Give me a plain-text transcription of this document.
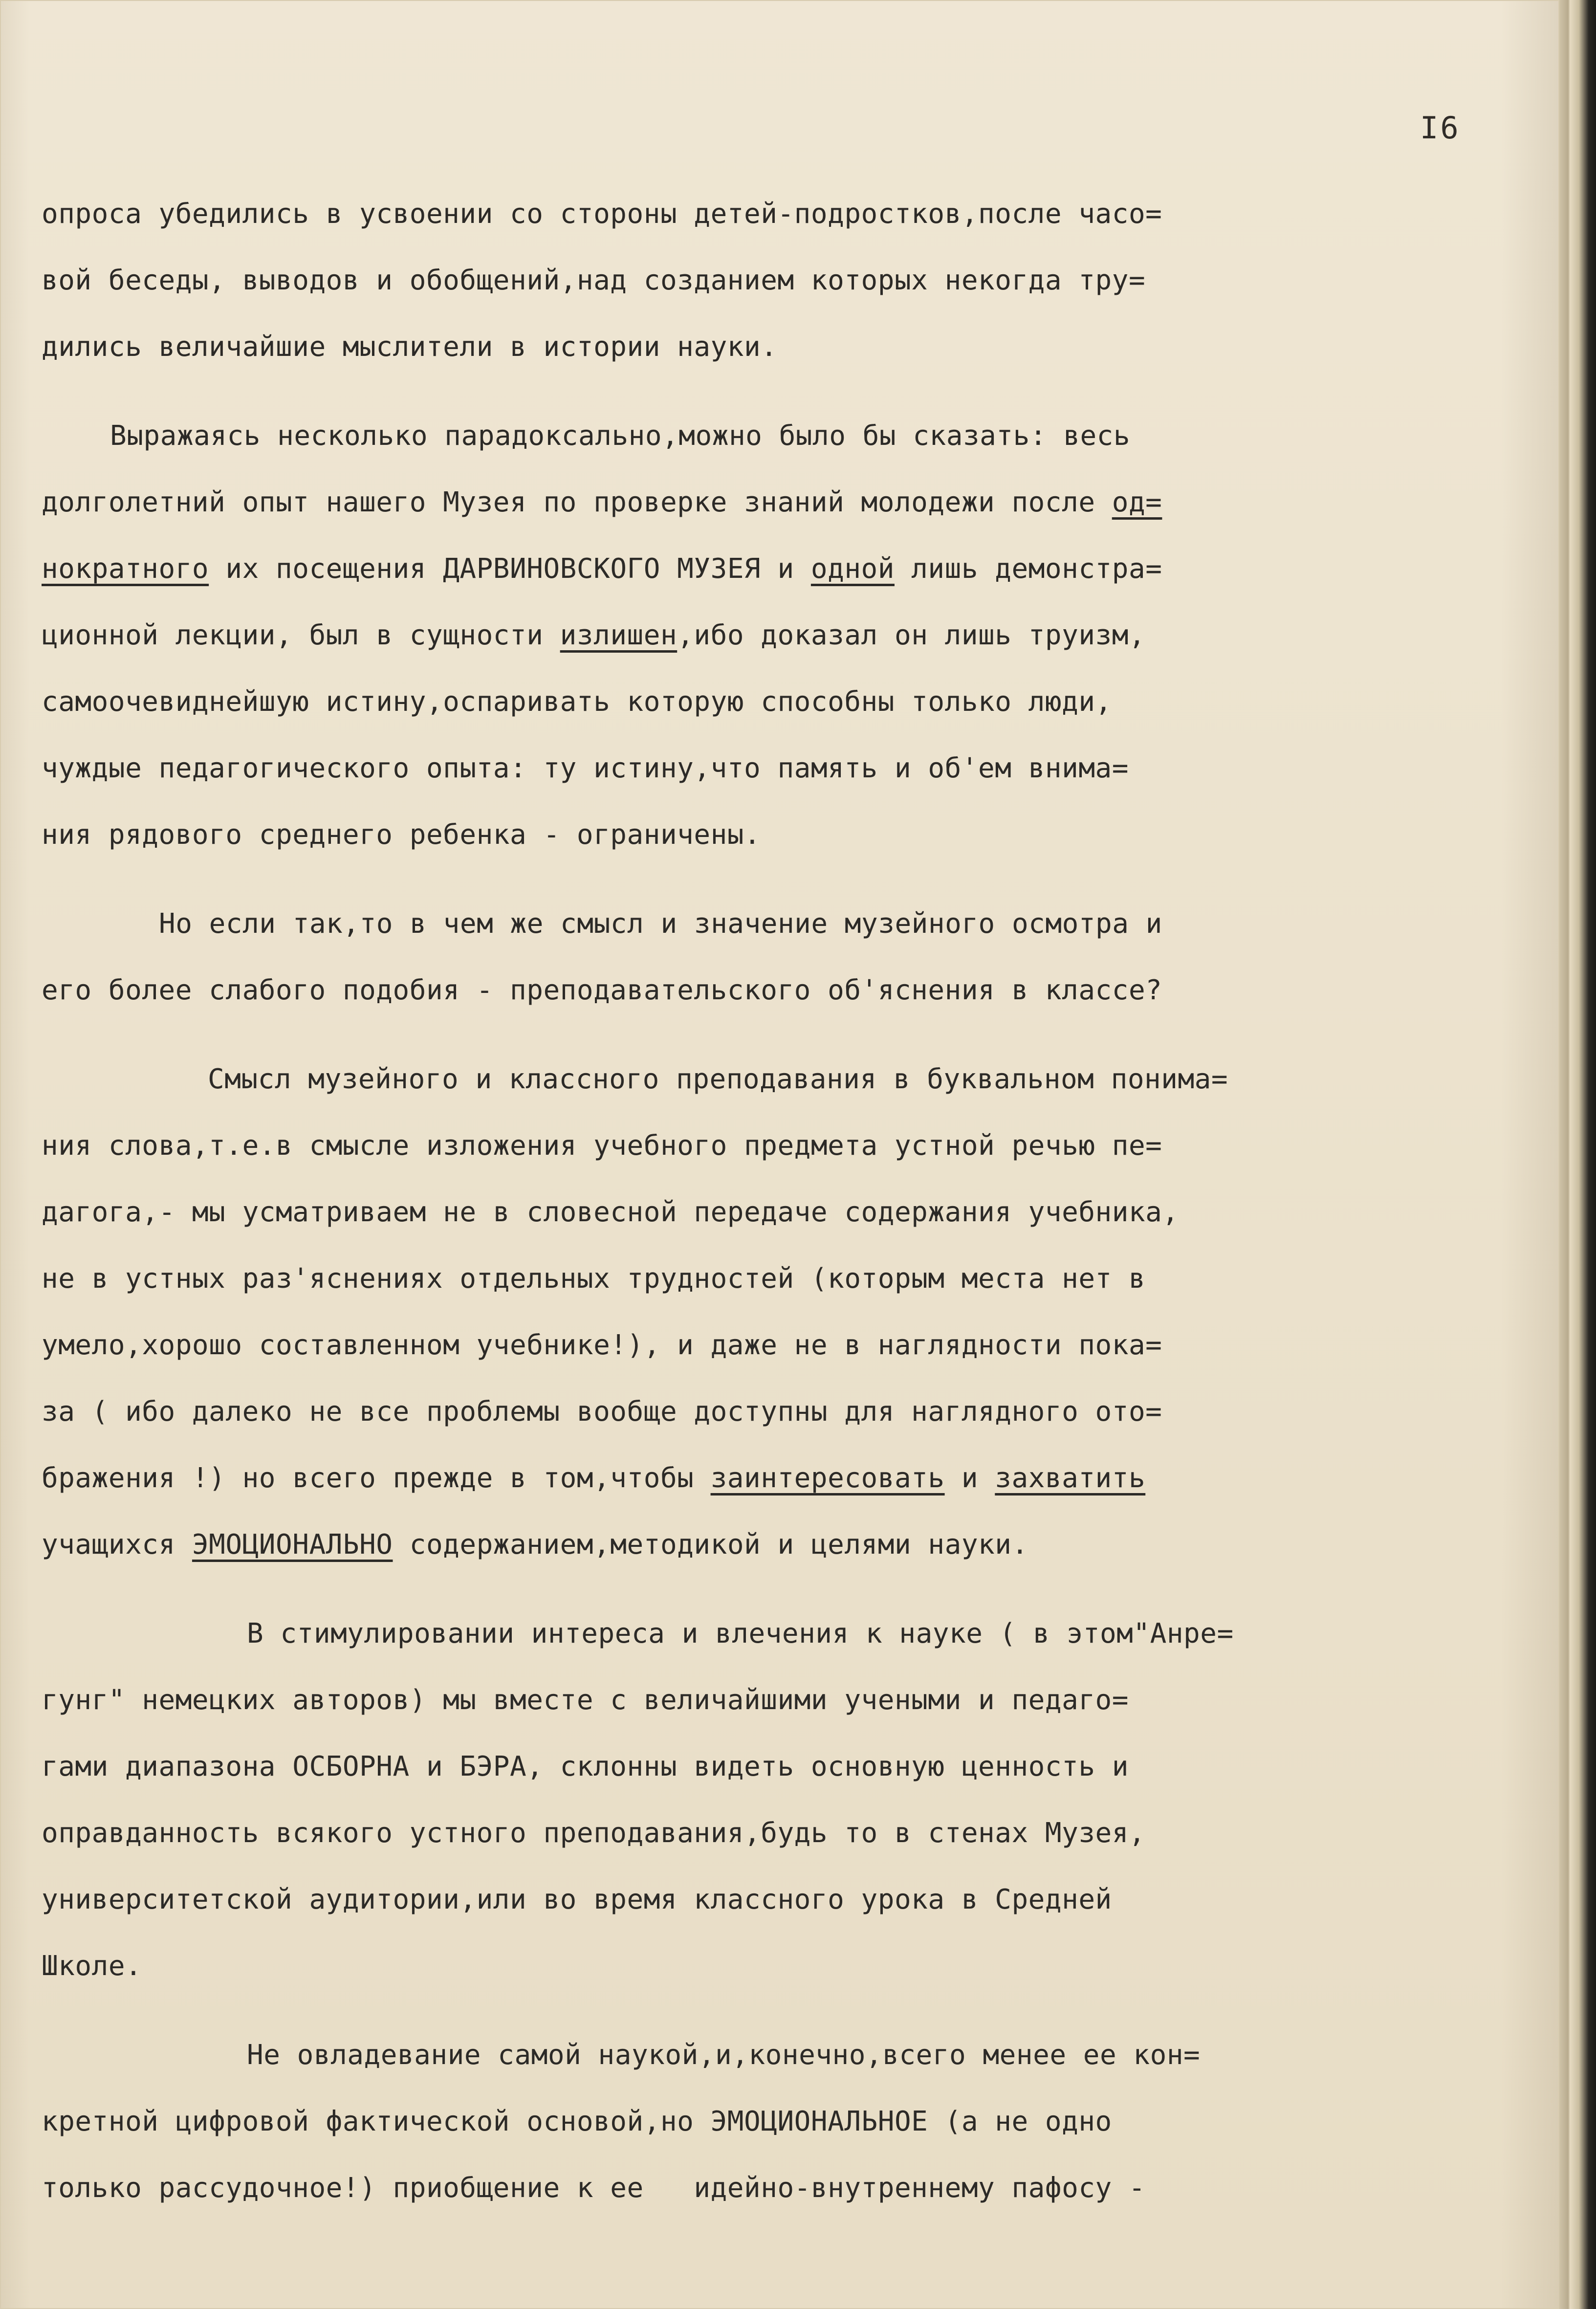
I6
опроса убедились в усвоении со стороны детей-подростков,после часо=
вой беседы, выводов и обобщений,над созданием которых некогда тру=
дились величайшие мыслители в истории науки.
Выражаясь несколько парадоксально,можно было бы сказать: весь
долголетний опыт нашего Музея по проверке знаний молодежи после од=
нократного их посещения ДАРВИНОВСКОГО МУЗЕЯ и одной лишь демонстра=
ционной лекции, был в сущности излишен,ибо доказал он лишь труизм,
самоочевиднейшую истину,оспаривать которую способны только люди,
чуждые педагогического опыта: ту истину,что память и об'ем внима=
ния рядового среднего ребенка - ограничены.
Но если так,то в чем же смысл и значение музейного осмотра и
его более слабого подобия - преподавательского об'яснения в классе?
Смысл музейного и классного преподавания в буквальном понима=
ния слова,т.е.в смысле изложения учебного предмета устной речью пе=
дагога,- мы усматриваем не в словесной передаче содержания учебника,
не в устных раз'яснениях отдельных трудностей (которым места нет в
умело,хорошо составленном учебнике!), и даже не в наглядности пока=
за ( ибо далеко не все проблемы вообще доступны для наглядного ото=
бражения !) но всего прежде в том,чтобы заинтересовать и захватить
учащихся ЭМОЦИОНАЛЬНО содержанием,методикой и целями науки.
В стимулировании интереса и влечения к науке ( в этом"Анре=
гунг" немецких авторов) мы вместе с величайшими учеными и педаго=
гами диапазона ОСБОРНА и БЭРА, склонны видеть основную ценность и
оправданность всякого устного преподавания,будь то в стенах Музея,
университетской аудитории,или во время классного урока в Средней
Школе.
Не овладевание самой наукой,и,конечно,всего менее ее кон=
кретной цифровой фактической основой,но ЭМОЦИОНАЛЬНОЕ (а не одно
только рассудочное!) приобщение к ее   идейно-внутреннему пафосу -
